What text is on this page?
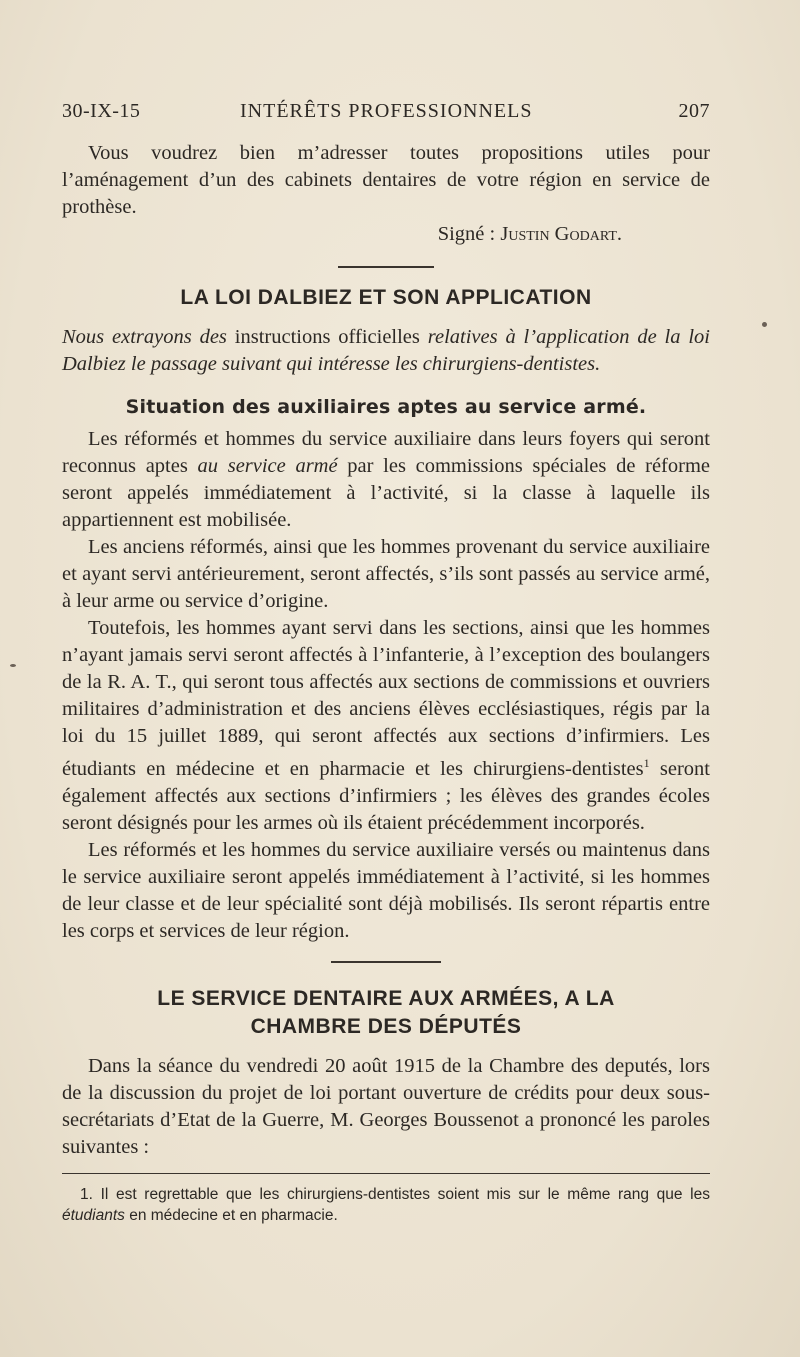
30-IX-15	INTÉRÊTS PROFESSIONNELS	207

Vous voudrez bien m’adresser toutes propositions utiles pour l’aménagement d’un des cabinets dentaires de votre région en service de prothèse.

Signé : Justin Godart.
LA LOI DALBIEZ ET SON APPLICATION

Nous extrayons des instructions officielles relatives à l’application de la loi Dalbiez le passage suivant qui intéresse les chirurgiens-dentistes.

Situation des auxiliaires aptes au service armé.

Les réformés et hommes du service auxiliaire dans leurs foyers qui seront reconnus aptes au service armé par les commissions spéciales de réforme seront appelés immédiatement à l’activité, si la classe à laquelle ils appartiennent est mobilisée.

Les anciens réformés, ainsi que les hommes provenant du service auxiliaire et ayant servi antérieurement, seront affectés, s’ils sont passés au service armé, à leur arme ou service d’origine.

Toutefois, les hommes ayant servi dans les sections, ainsi que les hommes n’ayant jamais servi seront affectés à l’infanterie, à l’exception des boulangers de la R. A. T., qui seront tous affectés aux sections de commissions et ouvriers militaires d’administration et des anciens élèves ecclésiastiques, régis par la loi du 15 juillet 1889, qui seront affectés aux sections d’infirmiers. Les étudiants en médecine et en pharmacie et les chirurgiens-dentistes$^1$ seront également affectés aux sections d’infirmiers ; les élèves des grandes écoles seront désignés pour les armes où ils étaient précédemment incorporés.

Les réformés et les hommes du service auxiliaire versés ou maintenus dans le service auxiliaire seront appelés immédiatement à l’activité, si les hommes de leur classe et de leur spécialité sont déjà mobilisés. Ils seront répartis entre les corps et services de leur région.

LE SERVICE DENTAIRE AUX ARMÉES, A LA
CHAMBRE DES DÉPUTÉS

Dans la séance du vendredi 20 août 1915 de la Chambre des deputés, lors de la discussion du projet de loi portant ouverture de crédits pour deux sous-secrétariats d’Etat de la Guerre, M. Georges Boussenot a prononcé les paroles suivantes :

1. Il est regrettable que les chirurgiens-dentistes soient mis sur le même rang que les étudiants en médecine et en pharmacie.
